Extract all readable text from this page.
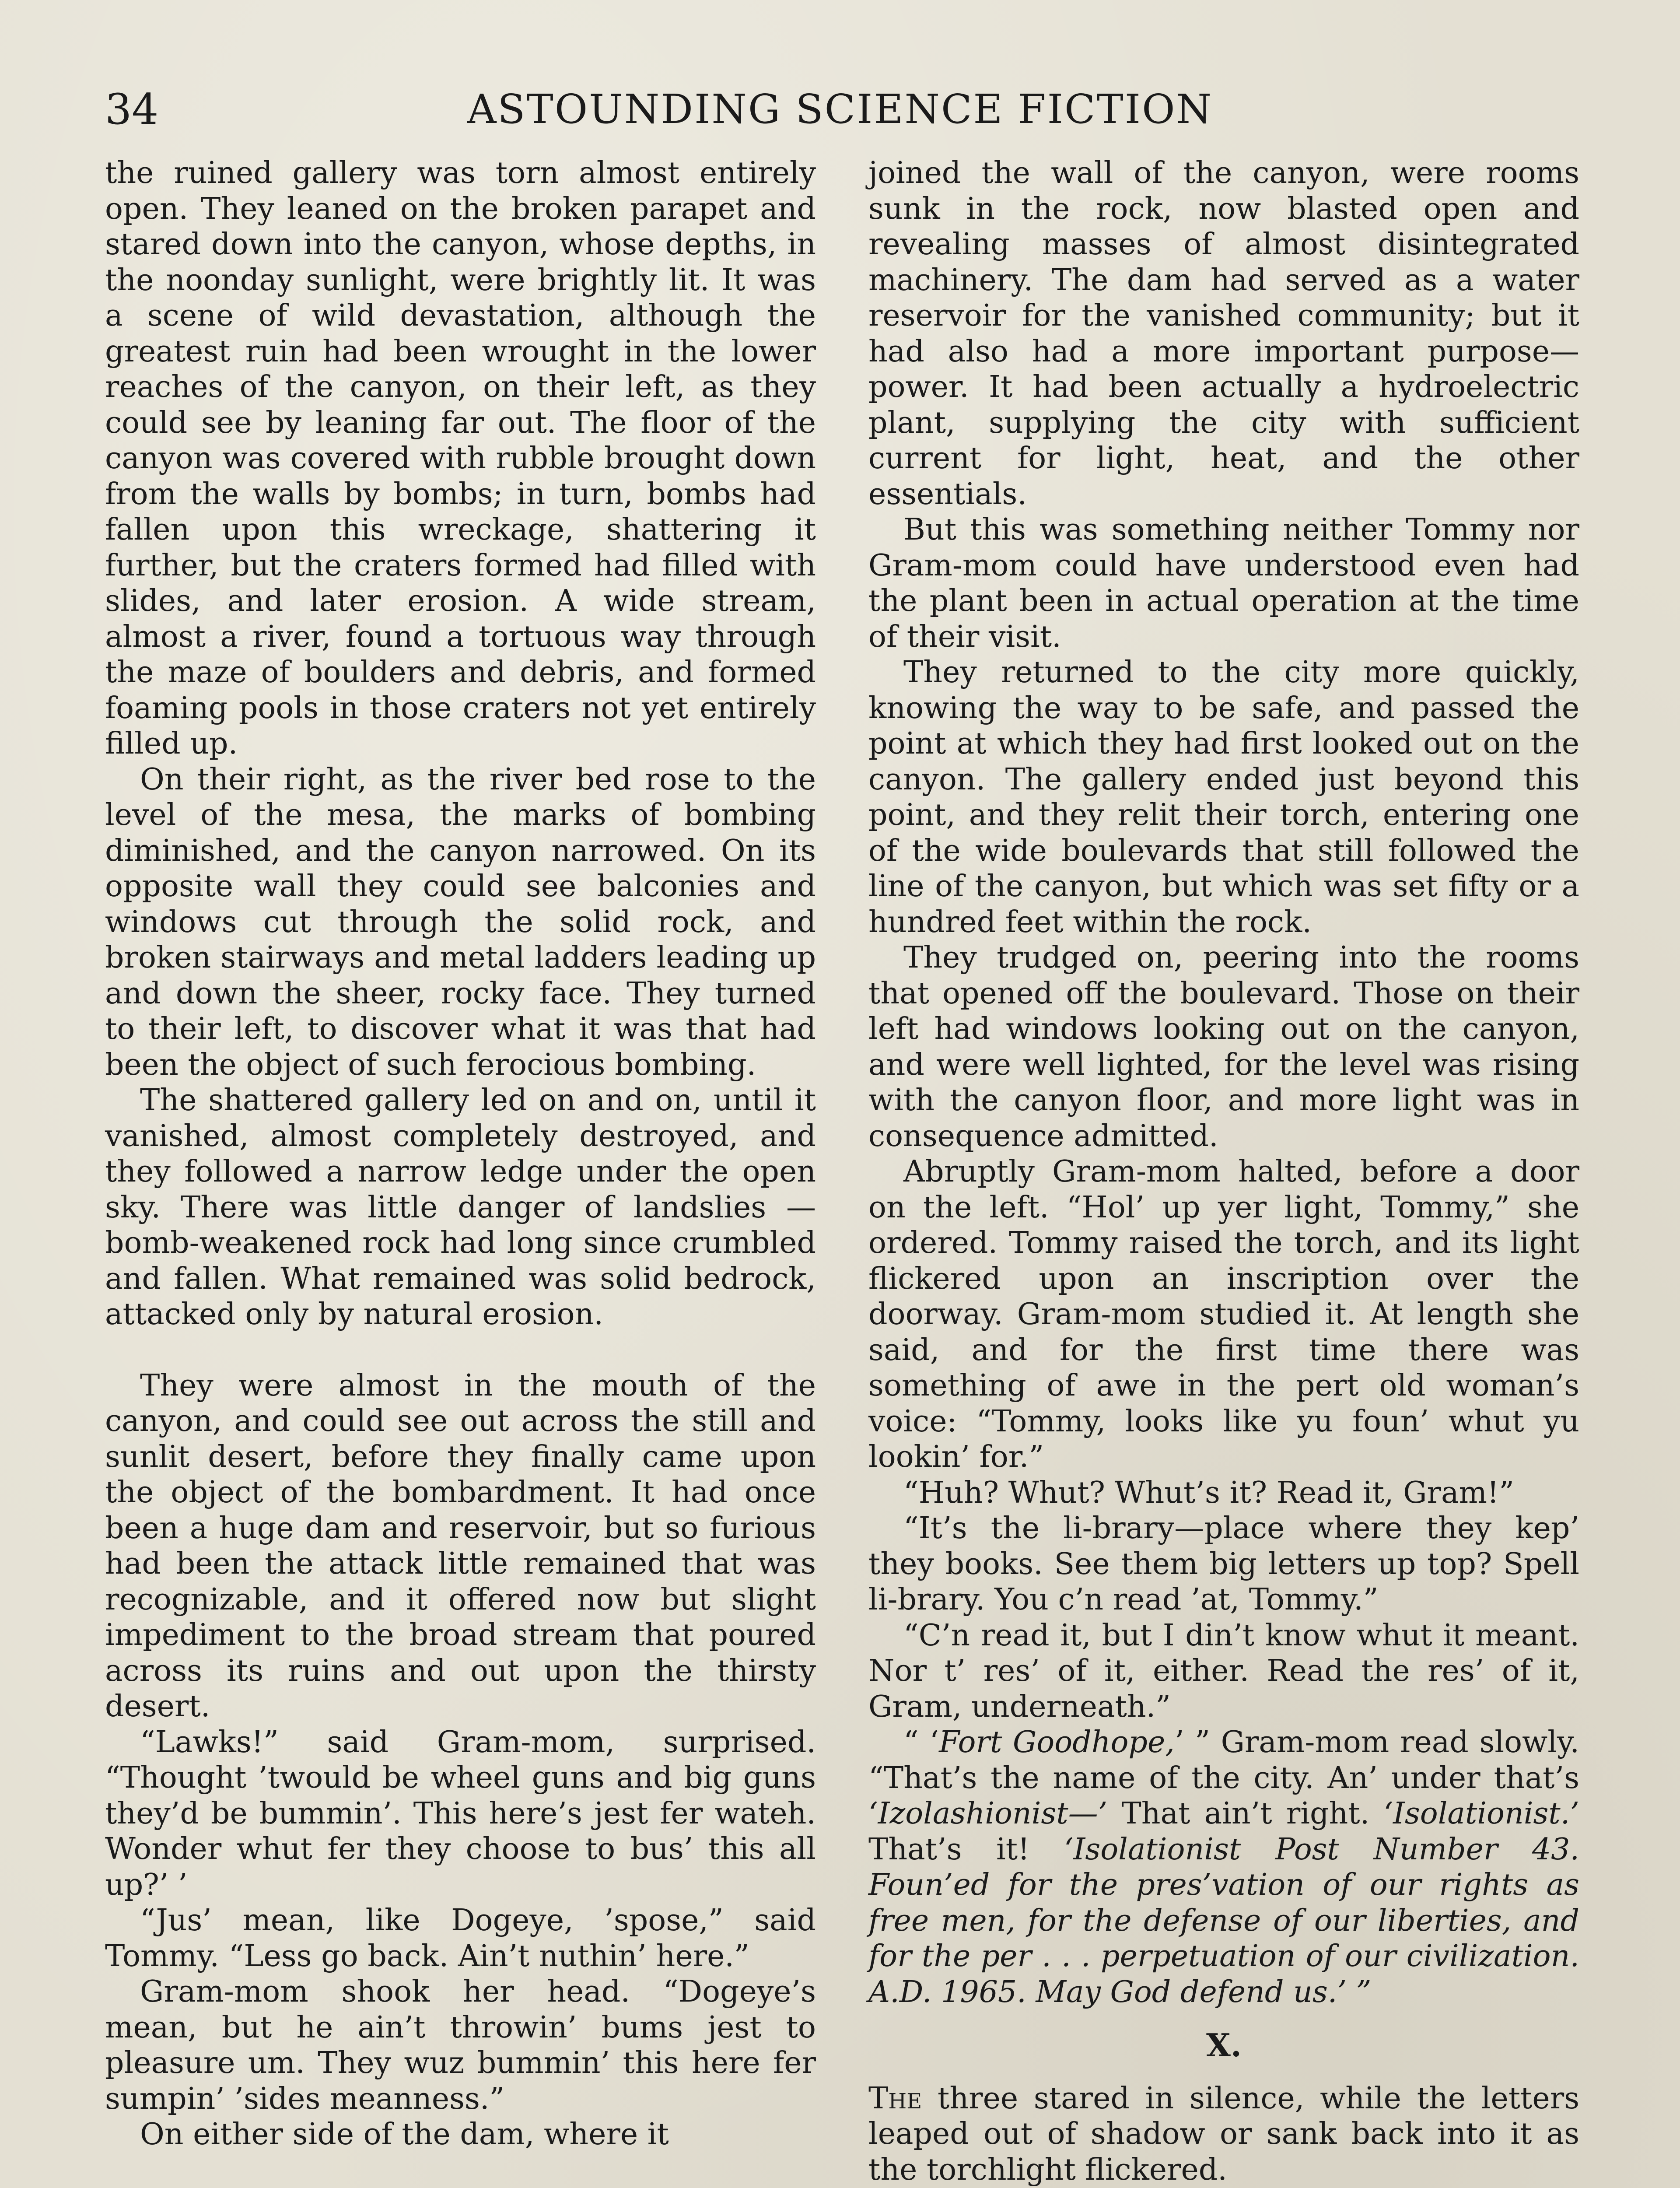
34	ASTOUNDING SCIENCE FICTION

the ruined gallery was torn almost entirely open. They leaned on the broken parapet and stared down into the canyon, whose depths, in the noonday sunlight, were brightly lit. It was a scene of wild devastation, although the greatest ruin had been wrought in the lower reaches of the canyon, on their left, as they could see by leaning far out. The floor of the canyon was covered with rubble brought down from the walls by bombs; in turn, bombs had fallen upon this wreckage, shattering it further, but the craters formed had filled with slides, and later erosion. A wide stream, almost a river, found a tortuous way through the maze of boulders and debris, and formed foaming pools in those craters not yet entirely filled up.

On their right, as the river bed rose to the level of the mesa, the marks of bombing diminished, and the canyon narrowed. On its opposite wall they could see balconies and windows cut through the solid rock, and broken stairways and metal ladders leading up and down the sheer, rocky face. They turned to their left, to discover what it was that had been the object of such ferocious bombing.

The shattered gallery led on and on, until it vanished, almost completely destroyed, and they followed a narrow ledge under the open sky. There was little danger of landslies — bomb-weakened rock had long since crumbled and fallen. What remained was solid bedrock, attacked only by natural erosion.

They were almost in the mouth of the canyon, and could see out across the still and sunlit desert, before they finally came upon the object of the bombardment. It had once been a huge dam and reservoir, but so furious had been the attack little remained that was recognizable, and it offered now but slight impediment to the broad stream that poured across its ruins and out upon the thirsty desert.

“Lawks!” said Gram-mom, surprised. “Thought ’twould be wheel guns and big guns they’d be bummin’. This here’s jest fer wateh. Wonder whut fer they choose to bus’ this all up?’ ’

“Jus’ mean, like Dogeye, ’spose,” said Tommy. “Less go back. Ain’t nuthin’ here.”

Gram-mom shook her head. “Dogeye’s mean, but he ain’t throwin’ bums jest to pleasure um. They wuz bummin’ this here fer sumpin’ ’sides meanness.”

On either side of the dam, where it

joined the wall of the canyon, were rooms sunk in the rock, now blasted open and revealing masses of almost disintegrated machinery. The dam had served as a water reservoir for the vanished community; but it had also had a more important purpose—power. It had been actually a hydroelectric plant, supplying the city with sufficient current for light, heat, and the other essentials.

But this was something neither Tommy nor Gram-mom could have understood even had the plant been in actual operation at the time of their visit.

They returned to the city more quickly, knowing the way to be safe, and passed the point at which they had first looked out on the canyon. The gallery ended just beyond this point, and they relit their torch, entering one of the wide boulevards that still followed the line of the canyon, but which was set fifty or a hundred feet within the rock.

They trudged on, peering into the rooms that opened off the boulevard. Those on their left had windows looking out on the canyon, and were well lighted, for the level was rising with the canyon floor, and more light was in consequence admitted.

Abruptly Gram-mom halted, before a door on the left. “Hol’ up yer light, Tommy,” she ordered. Tommy raised the torch, and its light flickered upon an inscription over the doorway. Gram-mom studied it. At length she said, and for the first time there was something of awe in the pert old woman’s voice: “Tommy, looks like yu foun’ whut yu lookin’ for.”

“Huh? Whut? Whut’s it? Read it, Gram!”

“It’s the li-brary—place where they kep’ they books. See them big letters up top? Spell li-brary. You c’n read ’at, Tommy.”

“C’n read it, but I din’t know whut it meant. Nor t’ res’ of it, either. Read the res’ of it, Gram, underneath.”

“ ‘Fort Goodhope,’ ” Gram-mom read slowly. “That’s the name of the city. An’ under that’s ‘Izolashionist—’ That ain’t right. ‘Isolationist.’ That’s it! ‘Isolationist Post Number 43. Foun’ed for the pres’vation of our rights as free men, for the defense of our liberties, and for the per . . . perpetuation of our civilization. A.D. 1965. May God defend us.’ ”

X.

The three stared in silence, while the letters leaped out of shadow or sank back into it as the torchlight flickered.
